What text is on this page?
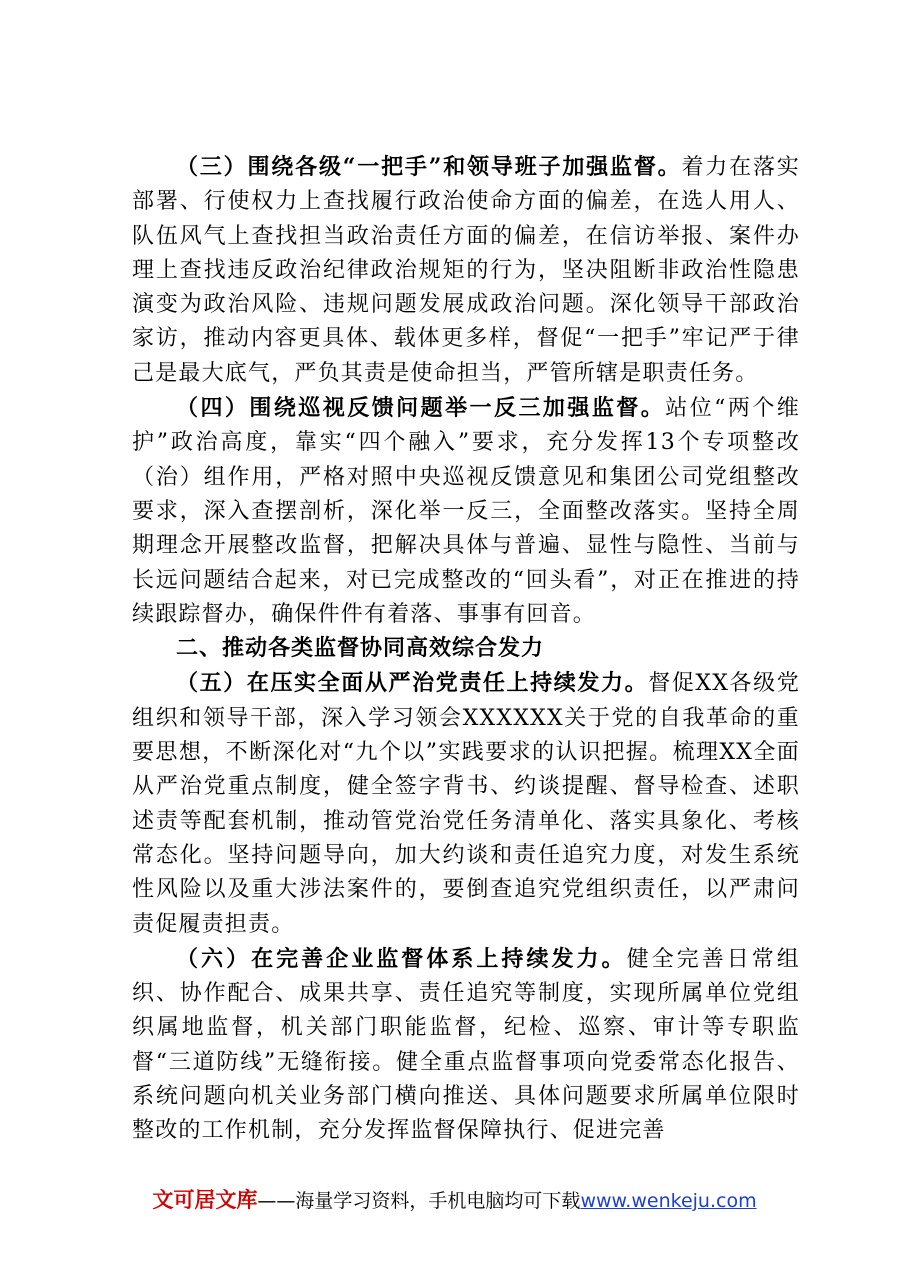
（三）围绕各级“一把手”和领导班子加强监督。着力在落实部署、行使权力上查找履行政治使命方面的偏差，在选人用人、队伍风气上查找担当政治责任方面的偏差，在信访举报、案件办理上查找违反政治纪律政治规矩的行为，坚决阻断非政治性隐患演变为政治风险、违规问题发展成政治问题。深化领导干部政治家访，推动内容更具体、载体更多样，督促“一把手”牢记严于律己是最大底气，严负其责是使命担当，严管所辖是职责任务。

（四）围绕巡视反馈问题举一反三加强监督。站位“两个维护”政治高度，靠实“四个融入”要求，充分发挥13个专项整改（治）组作用，严格对照中央巡视反馈意见和集团公司党组整改要求，深入查摆剖析，深化举一反三，全面整改落实。坚持全周期理念开展整改监督，把解决具体与普遍、显性与隐性、当前与长远问题结合起来，对已完成整改的“回头看”，对正在推进的持续跟踪督办，确保件件有着落、事事有回音。

二、推动各类监督协同高效综合发力

（五）在压实全面从严治党责任上持续发力。督促XX各级党组织和领导干部，深入学习领会XXXXXX关于党的自我革命的重要思想，不断深化对“九个以”实践要求的认识把握。梳理XX全面从严治党重点制度，健全签字背书、约谈提醒、督导检查、述职述责等配套机制，推动管党治党任务清单化、落实具象化、考核常态化。坚持问题导向，加大约谈和责任追究力度，对发生系统性风险以及重大涉法案件的，要倒查追究党组织责任，以严肃问责促履责担责。

（六）在完善企业监督体系上持续发力。健全完善日常组织、协作配合、成果共享、责任追究等制度，实现所属单位党组织属地监督，机关部门职能监督，纪检、巡察、审计等专职监督“三道防线”无缝衔接。健全重点监督事项向党委常态化报告、系统问题向机关业务部门横向推送、具体问题要求所属单位限时整改的工作机制，充分发挥监督保障执行、促进完善

文可居文库——海量学习资料，手机电脑均可下载www.wenkeju.com
